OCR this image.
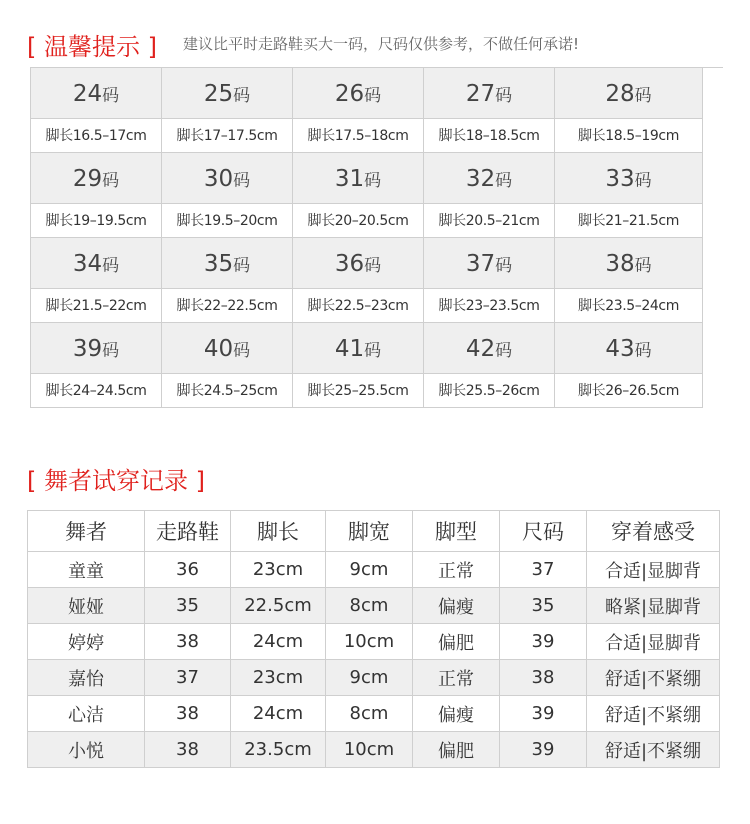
[ 温馨提示 ] 建议比平时走路鞋买大一码，尺码仅供参考，不做任何承诺!
24码	25码	26码	27码	28码
脚长16.5–17cm	脚长17–17.5cm	脚长17.5–18cm	脚长18–18.5cm	脚长18.5–19cm
29码	30码	31码	32码	33码
脚长19–19.5cm	脚长19.5–20cm	脚长20–20.5cm	脚长20.5–21cm	脚长21–21.5cm
34码	35码	36码	37码	38码
脚长21.5–22cm	脚长22–22.5cm	脚长22.5–23cm	脚长23–23.5cm	脚长23.5–24cm
39码	40码	41码	42码	43码
脚长24–24.5cm	脚长24.5–25cm	脚长25–25.5cm	脚长25.5–26cm	脚长26–26.5cm
[ 舞者试穿记录 ]
舞者	走路鞋	脚长	脚宽	脚型	尺码	穿着感受
童童	36	23cm	9cm	正常	37	合适|显脚背
娅娅	35	22.5cm	8cm	偏瘦	35	略紧|显脚背
婷婷	38	24cm	10cm	偏肥	39	合适|显脚背
嘉怡	37	23cm	9cm	正常	38	舒适|不紧绷
心洁	38	24cm	8cm	偏瘦	39	舒适|不紧绷
小悦	38	23.5cm	10cm	偏肥	39	舒适|不紧绷
